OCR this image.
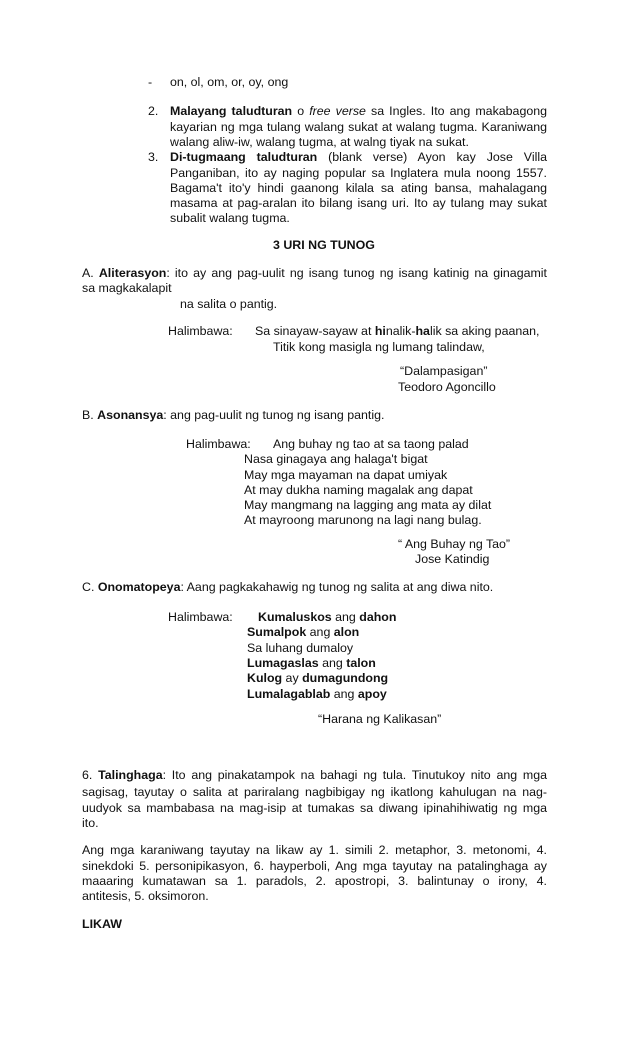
- on, ol, om, or, oy, ong
2. Malayang taludturan o free verse sa Ingles. Ito ang makabagong
kayarian ng mga tulang walang sukat at walang tugma. Karaniwang
walang aliw-iw, walang tugma, at walng tiyak na sukat.
3. Di-tugmaang taludturan (blank verse) Ayon kay Jose Villa
Panganiban, ito ay naging popular sa Inglatera mula noong 1557.
Bagama't ito'y hindi gaanong kilala sa ating bansa, mahalagang
masama at pag-aralan ito bilang isang uri. Ito ay tulang may sukat
subalit walang tugma.
3 URI NG TUNOG
A. Aliterasyon: ito ay ang pag-uulit ng isang tunog ng isang katinig na ginagamit
sa magkakalapit
na salita o pantig.
Halimbawa: Sa sinayaw-sayaw at hinalik-halik sa aking paanan,
Titik kong masigla ng lumang talindaw,
“Dalampasigan”
Teodoro Agoncillo
B. Asonansya: ang pag-uulit ng tunog ng isang pantig.
Halimbawa: Ang buhay ng tao at sa taong palad
Nasa ginagaya ang halaga't bigat
May mga mayaman na dapat umiyak
At may dukha naming magalak ang dapat
May mangmang na lagging ang mata ay dilat
At mayroong marunong na lagi nang bulag.
“ Ang Buhay ng Tao”
Jose Katindig
C. Onomatopeya: Aang pagkakahawig ng tunog ng salita at ang diwa nito.
Halimbawa: Kumaluskos ang dahon
Sumalpok ang alon
Sa luhang dumaloy
Lumagaslas ang talon
Kulog ay dumagundong
Lumalagablab ang apoy
“Harana ng Kalikasan”
6. Talinghaga: Ito ang pinakatampok na bahagi ng tula. Tinutukoy nito ang mga
sagisag, tayutay o salita at pariralang nagbibigay ng ikatlong kahulugan na nag-
uudyok sa mambabasa na mag-isip at tumakas sa diwang ipinahihiwatig ng mga
ito.
Ang mga karaniwang tayutay na likaw ay 1. simili 2. metaphor, 3. metonomi, 4.
sinekdoki 5. personipikasyon, 6. hayperboli, Ang mga tayutay na patalinghaga ay
maaaring kumatawan sa 1. paradols, 2. apostropi, 3. balintunay o irony, 4.
antitesis, 5. oksimoron.
LIKAW
